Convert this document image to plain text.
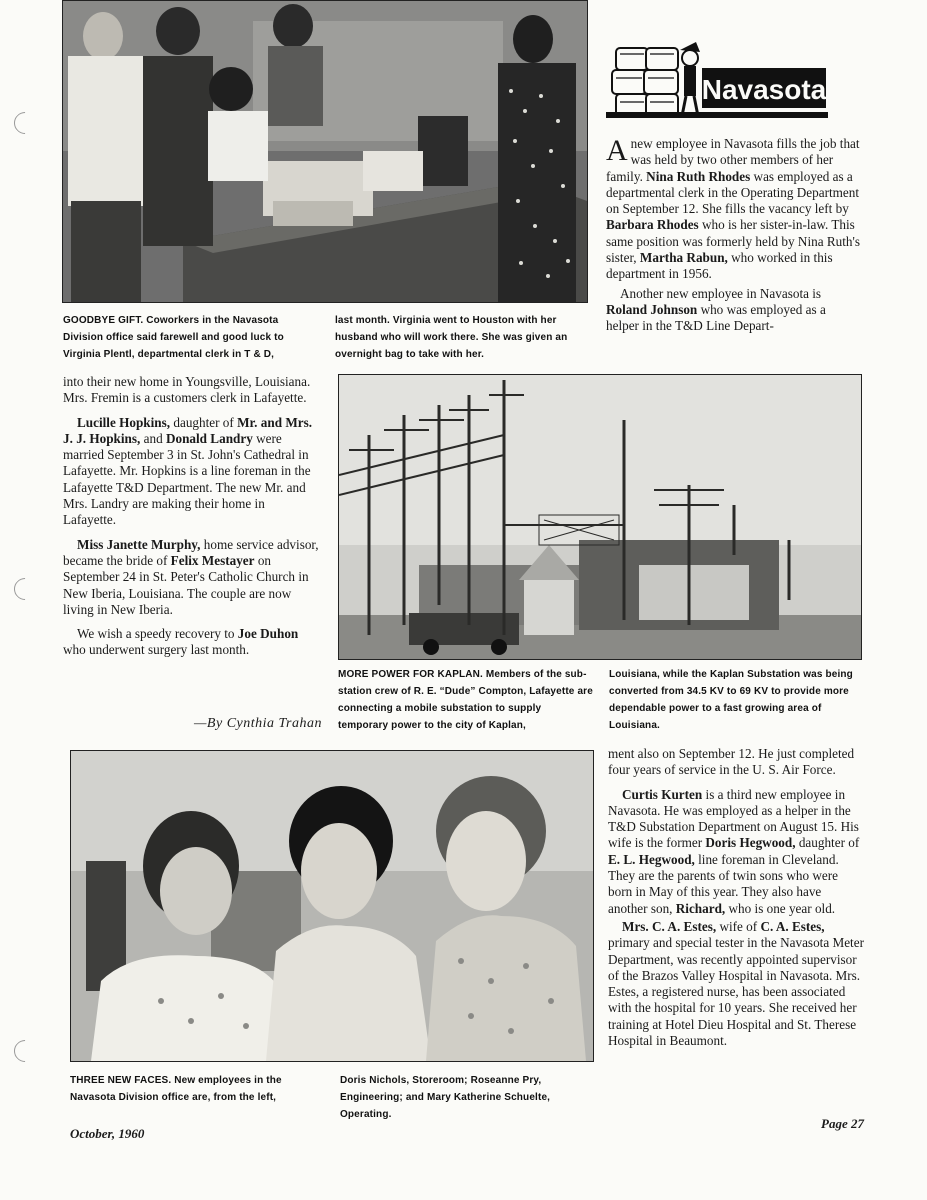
Navasota

Anew employee in Navasota fills the job that was held by two other members of her family. Nina Ruth Rhodes was employed as a departmental clerk in the Operating Department on September 12. She fills the vacancy left by Barbara Rhodes who is her sister-in-law. This same position was formerly held by Nina Ruth's sister, Martha Rabun, who worked in this department in 1956.

Another new employee in Navasota is Roland Johnson who was employed as a helper in the T&D Line Depart-

GOODBYE GIFT. Coworkers in the Navasota Division office said farewell and good luck to Virginia Plentl, departmental clerk in T & D,
last month. Virginia went to Houston with her husband who will work there. She was given an overnight bag to take with her.

into their new home in Youngsville, Louisiana. Mrs. Fremin is a customers clerk in Lafayette.

Lucille Hopkins, daughter of Mr. and Mrs. J. J. Hopkins, and Donald Landry were married September 3 in St. John's Cathedral in Lafayette. Mr. Hopkins is a line foreman in the Lafayette T&D Department. The new Mr. and Mrs. Landry are making their home in Lafayette.

Miss Janette Murphy, home service advisor, became the bride of Felix Mestayer on September 24 in St. Peter's Catholic Church in New Iberia, Louisiana. The couple are now living in New Iberia.

We wish a speedy recovery to Joe Duhon who underwent surgery last month.

—By Cynthia Trahan
MORE POWER FOR KAPLAN. Members of the sub-station crew of R. E. “Dude” Compton, Lafayette are connecting a mobile substation to supply temporary power to the city of Kaplan,
Louisiana, while the Kaplan Substation was being converted from 34.5 KV to 69 KV to provide more dependable power to a fast growing area of Louisiana.
THREE NEW FACES. New employees in the Navasota Division office are, from the left,
Doris Nichols, Storeroom; Roseanne Pry, Engineering; and Mary Katherine Schuelte, Operating.

ment also on September 12. He just completed four years of service in the U. S. Air Force.

Curtis Kurten is a third new employee in Navasota. He was employed as a helper in the T&D Substation Department on August 15. His wife is the former Doris Hegwood, daughter of E. L. Hegwood, line foreman in Cleveland. They are the parents of twin sons who were born in May of this year. They also have another son, Richard, who is one year old.

Mrs. C. A. Estes, wife of C. A. Estes, primary and special tester in the Navasota Meter Department, was recently appointed supervisor of the Brazos Valley Hospital in Navasota. Mrs. Estes, a registered nurse, has been associated with the hospital for 10 years. She received her training at Hotel Dieu Hospital and St. Therese Hospital in Beaumont.

October, 1960
Page 27
